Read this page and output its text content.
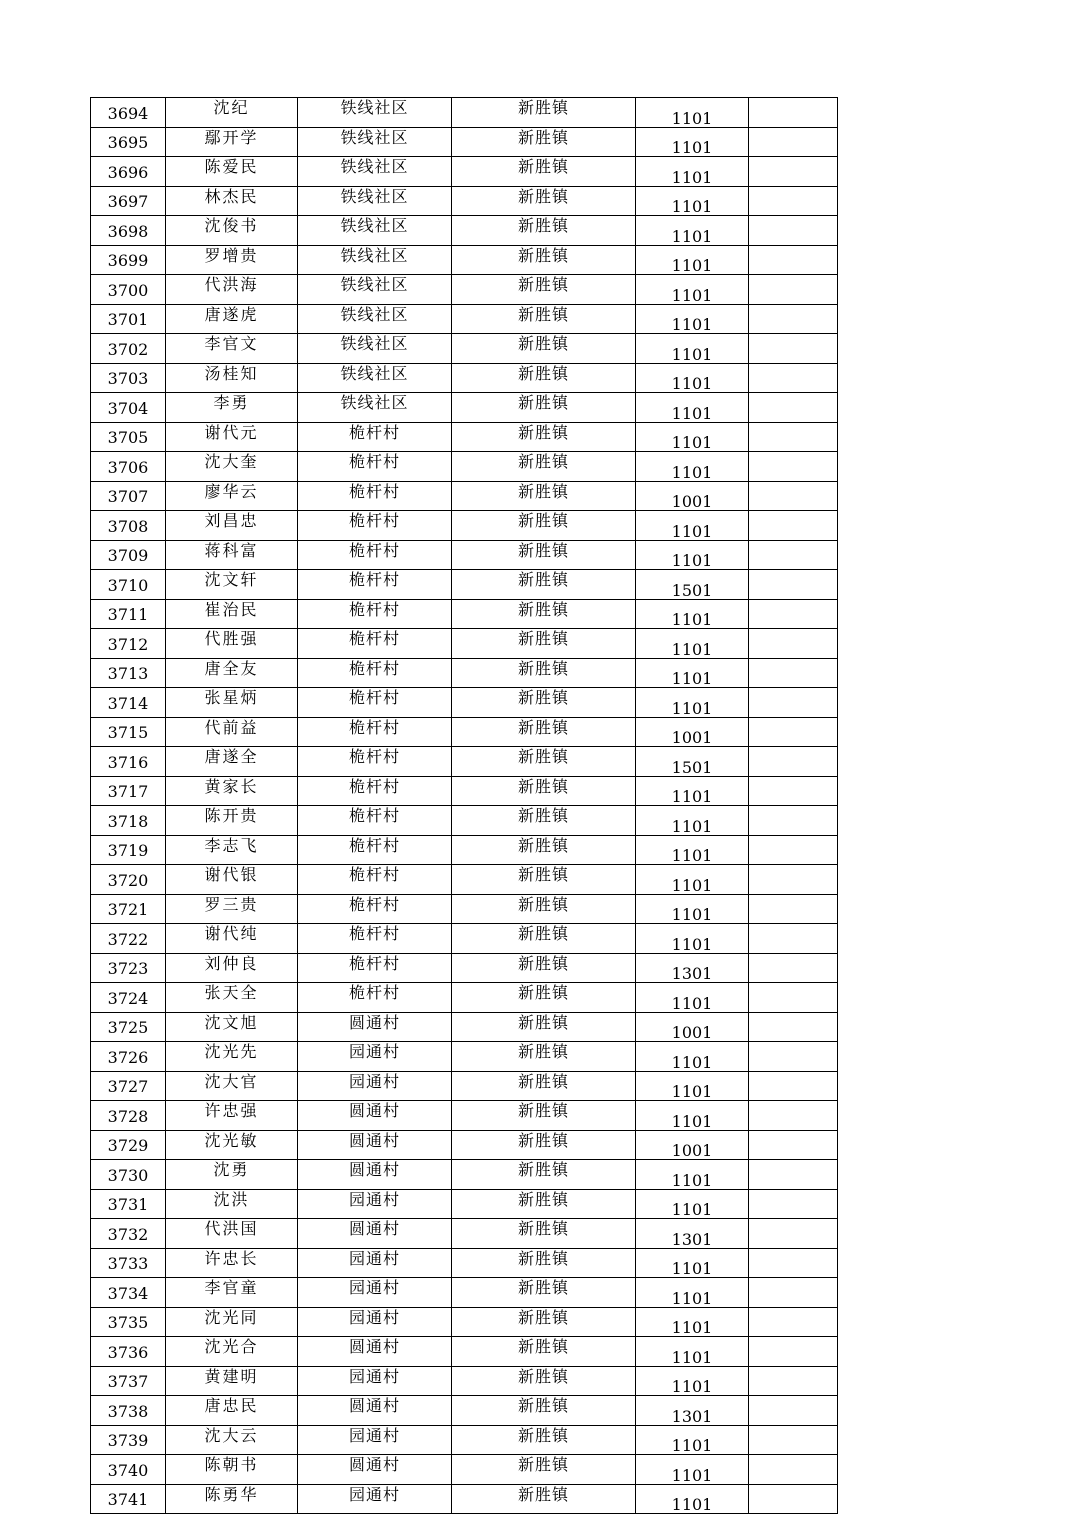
3694	沈纪	铁线社区	新胜镇	1101	
3695	鄢开学	铁线社区	新胜镇	1101	
3696	陈爱民	铁线社区	新胜镇	1101	
3697	林杰民	铁线社区	新胜镇	1101	
3698	沈俊书	铁线社区	新胜镇	1101	
3699	罗增贵	铁线社区	新胜镇	1101	
3700	代洪海	铁线社区	新胜镇	1101	
3701	唐遂虎	铁线社区	新胜镇	1101	
3702	李官文	铁线社区	新胜镇	1101	
3703	汤桂知	铁线社区	新胜镇	1101	
3704	李勇	铁线社区	新胜镇	1101	
3705	谢代元	桅杆村	新胜镇	1101	
3706	沈大奎	桅杆村	新胜镇	1101	
3707	廖华云	桅杆村	新胜镇	1001	
3708	刘昌忠	桅杆村	新胜镇	1101	
3709	蒋科富	桅杆村	新胜镇	1101	
3710	沈文轩	桅杆村	新胜镇	1501	
3711	崔治民	桅杆村	新胜镇	1101	
3712	代胜强	桅杆村	新胜镇	1101	
3713	唐全友	桅杆村	新胜镇	1101	
3714	张星炳	桅杆村	新胜镇	1101	
3715	代前益	桅杆村	新胜镇	1001	
3716	唐遂全	桅杆村	新胜镇	1501	
3717	黄家长	桅杆村	新胜镇	1101	
3718	陈开贵	桅杆村	新胜镇	1101	
3719	李志飞	桅杆村	新胜镇	1101	
3720	谢代银	桅杆村	新胜镇	1101	
3721	罗三贵	桅杆村	新胜镇	1101	
3722	谢代纯	桅杆村	新胜镇	1101	
3723	刘仲良	桅杆村	新胜镇	1301	
3724	张天全	桅杆村	新胜镇	1101	
3725	沈文旭	圆通村	新胜镇	1001	
3726	沈光先	园通村	新胜镇	1101	
3727	沈大官	园通村	新胜镇	1101	
3728	许忠强	圆通村	新胜镇	1101	
3729	沈光敏	圆通村	新胜镇	1001	
3730	沈勇	圆通村	新胜镇	1101	
3731	沈洪	园通村	新胜镇	1101	
3732	代洪国	圆通村	新胜镇	1301	
3733	许忠长	园通村	新胜镇	1101	
3734	李官童	园通村	新胜镇	1101	
3735	沈光同	园通村	新胜镇	1101	
3736	沈光合	圆通村	新胜镇	1101	
3737	黄建明	园通村	新胜镇	1101	
3738	唐忠民	圆通村	新胜镇	1301	
3739	沈大云	园通村	新胜镇	1101	
3740	陈朝书	圆通村	新胜镇	1101	
3741	陈勇华	园通村	新胜镇	1101	
